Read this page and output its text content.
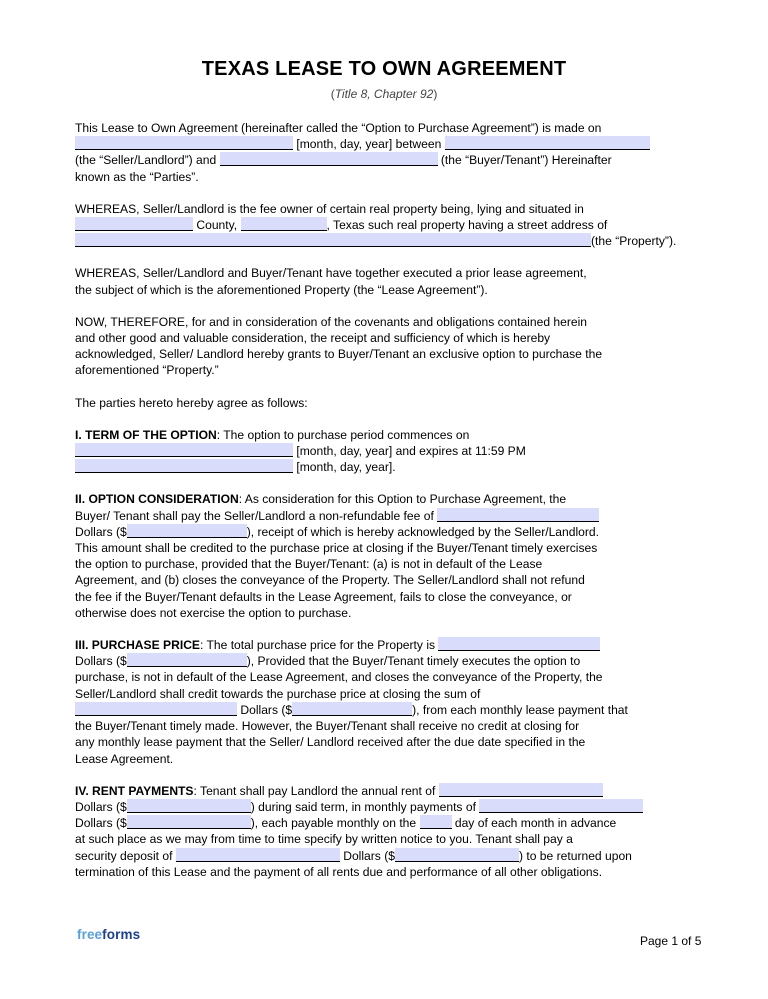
TEXAS LEASE TO OWN AGREEMENT
(Title 8, Chapter 92)
This Lease to Own Agreement (hereinafter called the “Option to Purchase Agreement”) is made on
[month, day, year] between
(the “Seller/Landlord”) and	(the “Buyer/Tenant”) Hereinafter
known as the “Parties”.
WHEREAS, Seller/Landlord is the fee owner of certain real property being, lying and situated in
County,	, Texas such real property having a street address of
(the “Property”).
WHEREAS, Seller/Landlord and Buyer/Tenant have together executed a prior lease agreement,
the subject of which is the aforementioned Property (the “Lease Agreement”).
NOW, THEREFORE, for and in consideration of the covenants and obligations contained herein
and other good and valuable consideration, the receipt and sufficiency of which is hereby
acknowledged, Seller/ Landlord hereby grants to Buyer/Tenant an exclusive option to purchase the
aforementioned “Property.”
The parties hereto hereby agree as follows:
I. TERM OF THE OPTION: The option to purchase period commences on
[month, day, year] and expires at 11:59 PM
[month, day, year].
II. OPTION CONSIDERATION: As consideration for this Option to Purchase Agreement, the
Buyer/ Tenant shall pay the Seller/Landlord a non-refundable fee of
Dollars ($	), receipt of which is hereby acknowledged by the Seller/Landlord.
This amount shall be credited to the purchase price at closing if the Buyer/Tenant timely exercises
the option to purchase, provided that the Buyer/Tenant: (a) is not in default of the Lease
Agreement, and (b) closes the conveyance of the Property. The Seller/Landlord shall not refund
the fee if the Buyer/Tenant defaults in the Lease Agreement, fails to close the conveyance, or
otherwise does not exercise the option to purchase.
III. PURCHASE PRICE: The total purchase price for the Property is
Dollars ($	), Provided that the Buyer/Tenant timely executes the option to
purchase, is not in default of the Lease Agreement, and closes the conveyance of the Property, the
Seller/Landlord shall credit towards the purchase price at closing the sum of
Dollars ($	), from each monthly lease payment that
the Buyer/Tenant timely made. However, the Buyer/Tenant shall receive no credit at closing for
any monthly lease payment that the Seller/ Landlord received after the due date specified in the
Lease Agreement.
IV. RENT PAYMENTS: Tenant shall pay Landlord the annual rent of
Dollars ($	) during said term, in monthly payments of
Dollars ($	), each payable monthly on the	day of each month in advance
at such place as we may from time to time specify by written notice to you. Tenant shall pay a
security deposit of	Dollars ($	) to be returned upon
termination of this Lease and the payment of all rents due and performance of all other obligations.
freeforms	Page 1 of 5
